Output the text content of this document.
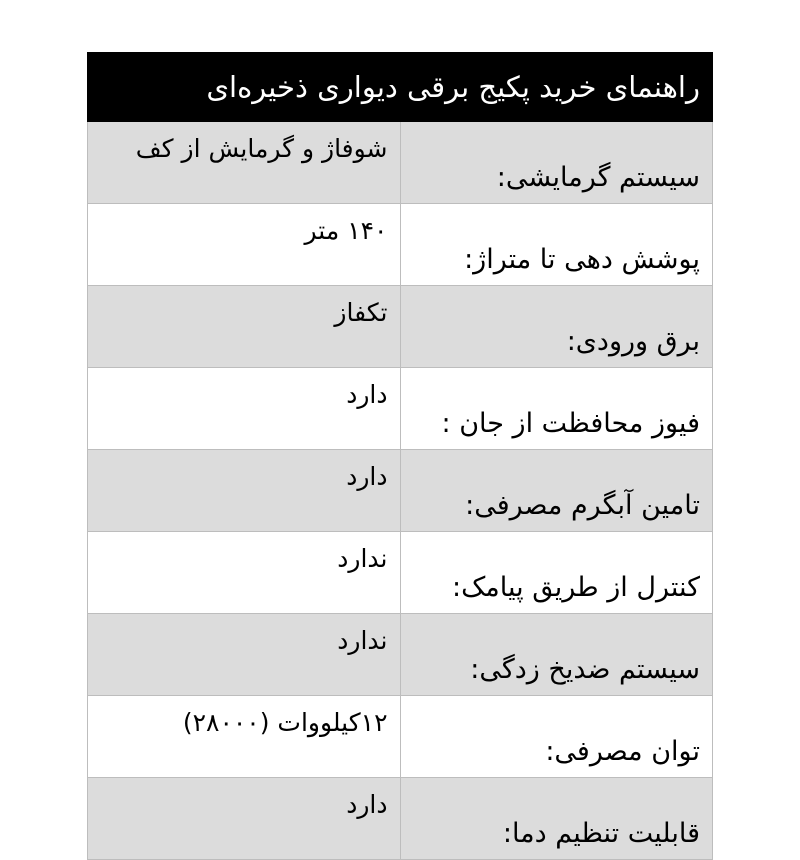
راهنمای خرید پکیج برقی دیواری ذخیره‌ای	
سیستم گرمایشی:	شوفاژ و گرمایش از کف
پوشش دهی تا متراژ:	۱۴۰ متر
برق ورودی:	تکفاز
فیوز محافظت از جان :	دارد
تامین آبگرم مصرفی:	دارد
کنترل از طریق پیامک:	ندارد
سیستم ضدیخ زدگی:	ندارد
توان مصرفی:	۱۲کیلووات (۲۸۰۰۰)
قابلیت تنظیم دما:	دارد
